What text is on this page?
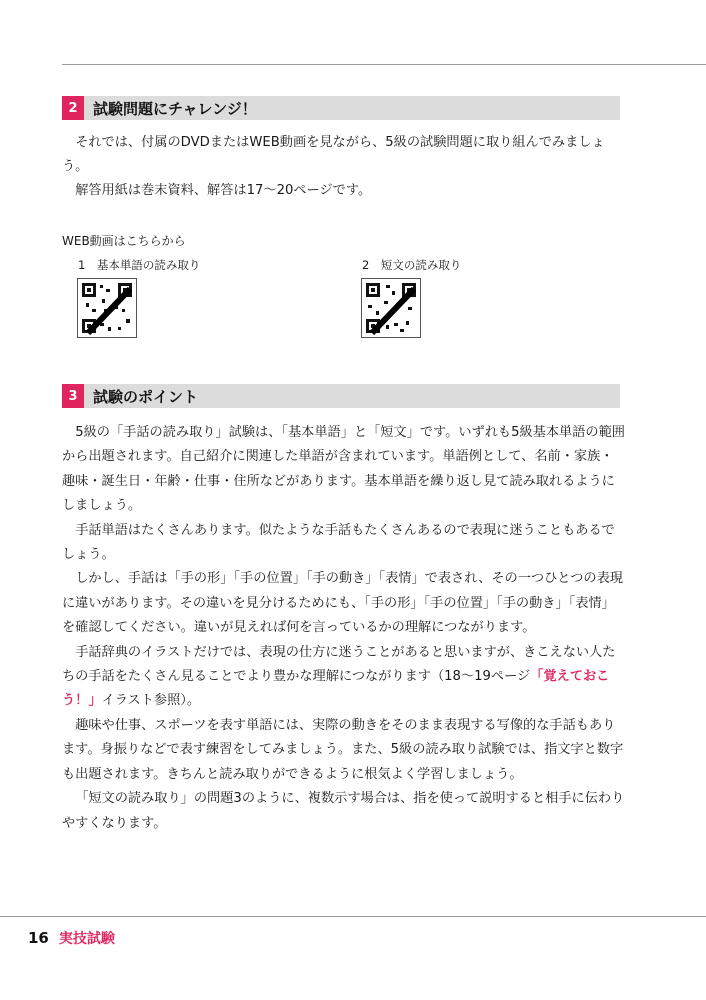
2	試験問題にチャレンジ！

それでは、付属のDVDまたはWEB動画を見ながら、5級の試験問題に取り組んでみましょう。

解答用紙は巻末資料、解答は17〜20ページです。

WEB動画はこちらから
1　基本単語の読み取り	2　短文の読み取り
3	試験のポイント

5級の「手話の読み取り」試験は、「基本単語」と「短文」です。いずれも5級基本単語の範囲から出題されます。自己紹介に関連した単語が含まれています。単語例として、名前・家族・趣味・誕生日・年齢・仕事・住所などがあります。基本単語を繰り返し見て読み取れるようにしましょう。

手話単語はたくさんあります。似たような手話もたくさんあるので表現に迷うこともあるでしょう。

しかし、手話は「手の形」「手の位置」「手の動き」「表情」で表され、その一つひとつの表現に違いがあります。その違いを見分けるためにも、「手の形」「手の位置」「手の動き」「表情」を確認してください。違いが見えれば何を言っているかの理解につながります。

手話辞典のイラストだけでは、表現の仕方に迷うことがあると思いますが、きこえない人たちの手話をたくさん見ることでより豊かな理解につながります（18〜19ページ「覚えておこう！」イラスト参照）。

趣味や仕事、スポーツを表す単語には、実際の動きをそのまま表現する写像的な手話もあります。身振りなどで表す練習をしてみましょう。また、5級の読み取り試験では、指文字と数字も出題されます。きちんと読み取りができるように根気よく学習しましょう。

「短文の読み取り」の問題3のように、複数示す場合は、指を使って説明すると相手に伝わりやすくなります。

16 実技試験
